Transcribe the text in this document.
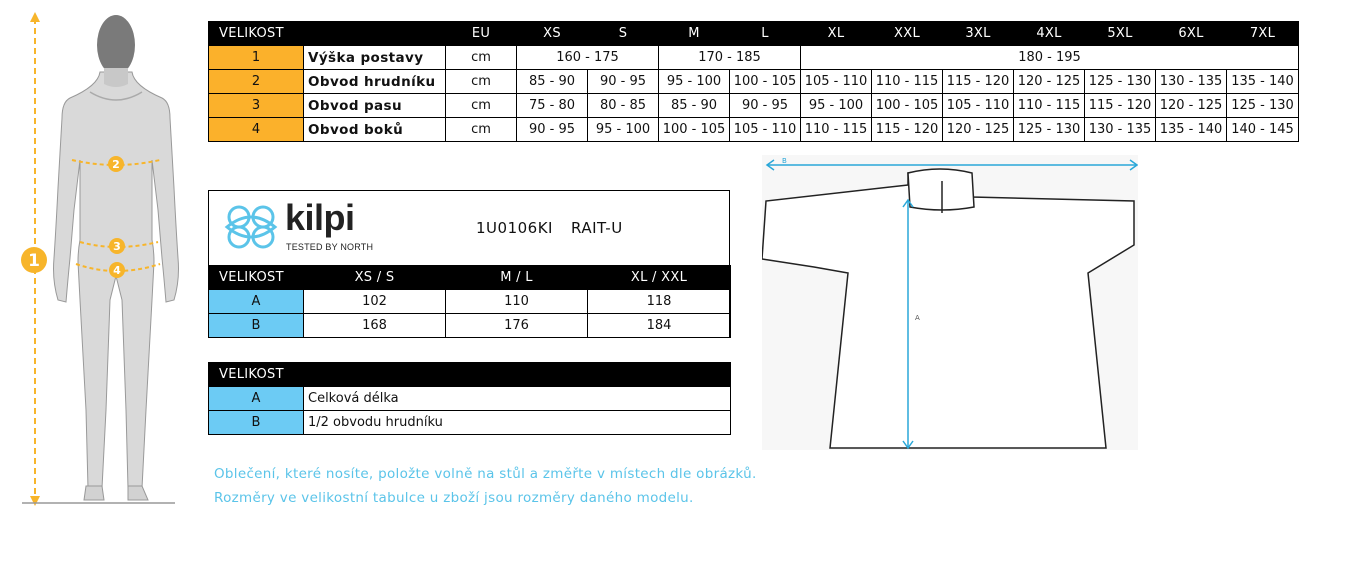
1
2
3
4
VELIKOST		EU	XS	S	M	L	XL	XXL	3XL	4XL	5XL	6XL	7XL
1	Výška postavy	cm	160 - 175		170 - 185		180 - 195						
2	Obvod hrudníku	cm	85 - 90	90 - 95	95 - 100	100 - 105	105 - 110	110 - 115	115 - 120	120 - 125	125 - 130	130 - 135	135 - 140
3	Obvod pasu	cm	75 - 80	80 - 85	85 - 90	90 - 95	95 - 100	100 - 105	105 - 110	110 - 115	115 - 120	120 - 125	125 - 130
4	Obvod boků	cm	90 - 95	95 - 100	100 - 105	105 - 110	110 - 115	115 - 120	120 - 125	125 - 130	130 - 135	135 - 140	140 - 145
kilpi
TESTED BY NORTH
1U0106KI RAIT-U
VELIKOST	XS / S	M / L	XL / XXL
A	102	110	118
B	168	176	184
VELIKOST	
A	Celková délka
B	1/2 obvodu hrudníku
Oblečení, které nosíte, položte volně na stůl a změřte v místech dle obrázků.
Rozměry ve velikostní tabulce u zboží jsou rozměry daného modelu.
B
A
